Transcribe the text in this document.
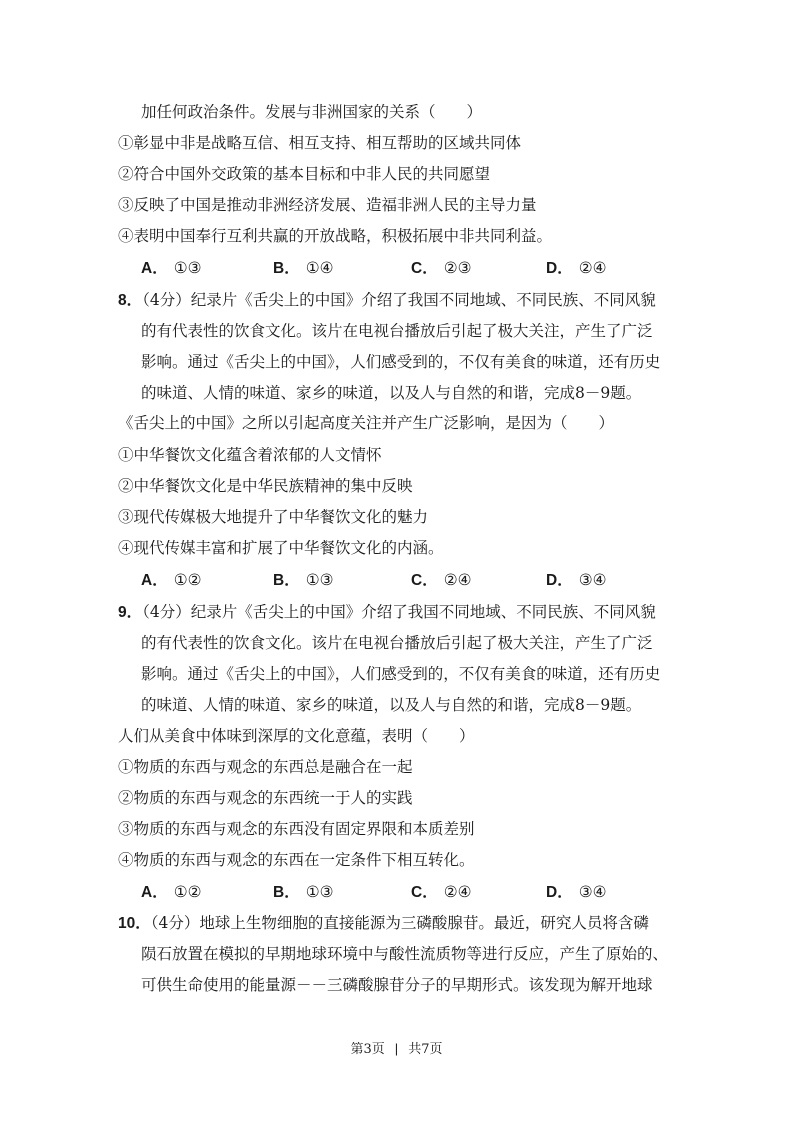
加任何政治条件。发展与非洲国家的关系（　　）
①彰显中非是战略互信、相互支持、相互帮助的区域共同体
②符合中国外交政策的基本目标和中非人民的共同愿望
③反映了中国是推动非洲经济发展、造福非洲人民的主导力量
④表明中国奉行互利共赢的开放战略，积极拓展中非共同利益。
A． ①③	B． ①④	C． ②③	D． ②④
8．（4分）纪录片《舌尖上的中国》介绍了我国不同地域、不同民族、不同风貌
的有代表性的饮食文化。该片在电视台播放后引起了极大关注，产生了广泛
影响。通过《舌尖上的中国》，人们感受到的，不仅有美食的味道，还有历史
的味道、人情的味道、家乡的味道，以及人与自然的和谐，完成8－9题。
《舌尖上的中国》之所以引起高度关注并产生广泛影响，是因为（　　）
①中华餐饮文化蕴含着浓郁的人文情怀
②中华餐饮文化是中华民族精神的集中反映
③现代传媒极大地提升了中华餐饮文化的魅力
④现代传媒丰富和扩展了中华餐饮文化的内涵。
A． ①②	B． ①③	C． ②④	D． ③④
9．（4分）纪录片《舌尖上的中国》介绍了我国不同地域、不同民族、不同风貌
的有代表性的饮食文化。该片在电视台播放后引起了极大关注，产生了广泛
影响。通过《舌尖上的中国》，人们感受到的，不仅有美食的味道，还有历史
的味道、人情的味道、家乡的味道，以及人与自然的和谐，完成8－9题。
人们从美食中体味到深厚的文化意蕴，表明（　　）
①物质的东西与观念的东西总是融合在一起
②物质的东西与观念的东西统一于人的实践
③物质的东西与观念的东西没有固定界限和本质差别
④物质的东西与观念的东西在一定条件下相互转化。
A． ①②	B． ①③	C． ②④	D． ③④
10．（4分）地球上生物细胞的直接能源为三磷酸腺苷。最近，研究人员将含磷
陨石放置在模拟的早期地球环境中与酸性流质物等进行反应，产生了原始的、
可供生命使用的能量源－－三磷酸腺苷分子的早期形式。该发现为解开地球
第3页 | 共7页
